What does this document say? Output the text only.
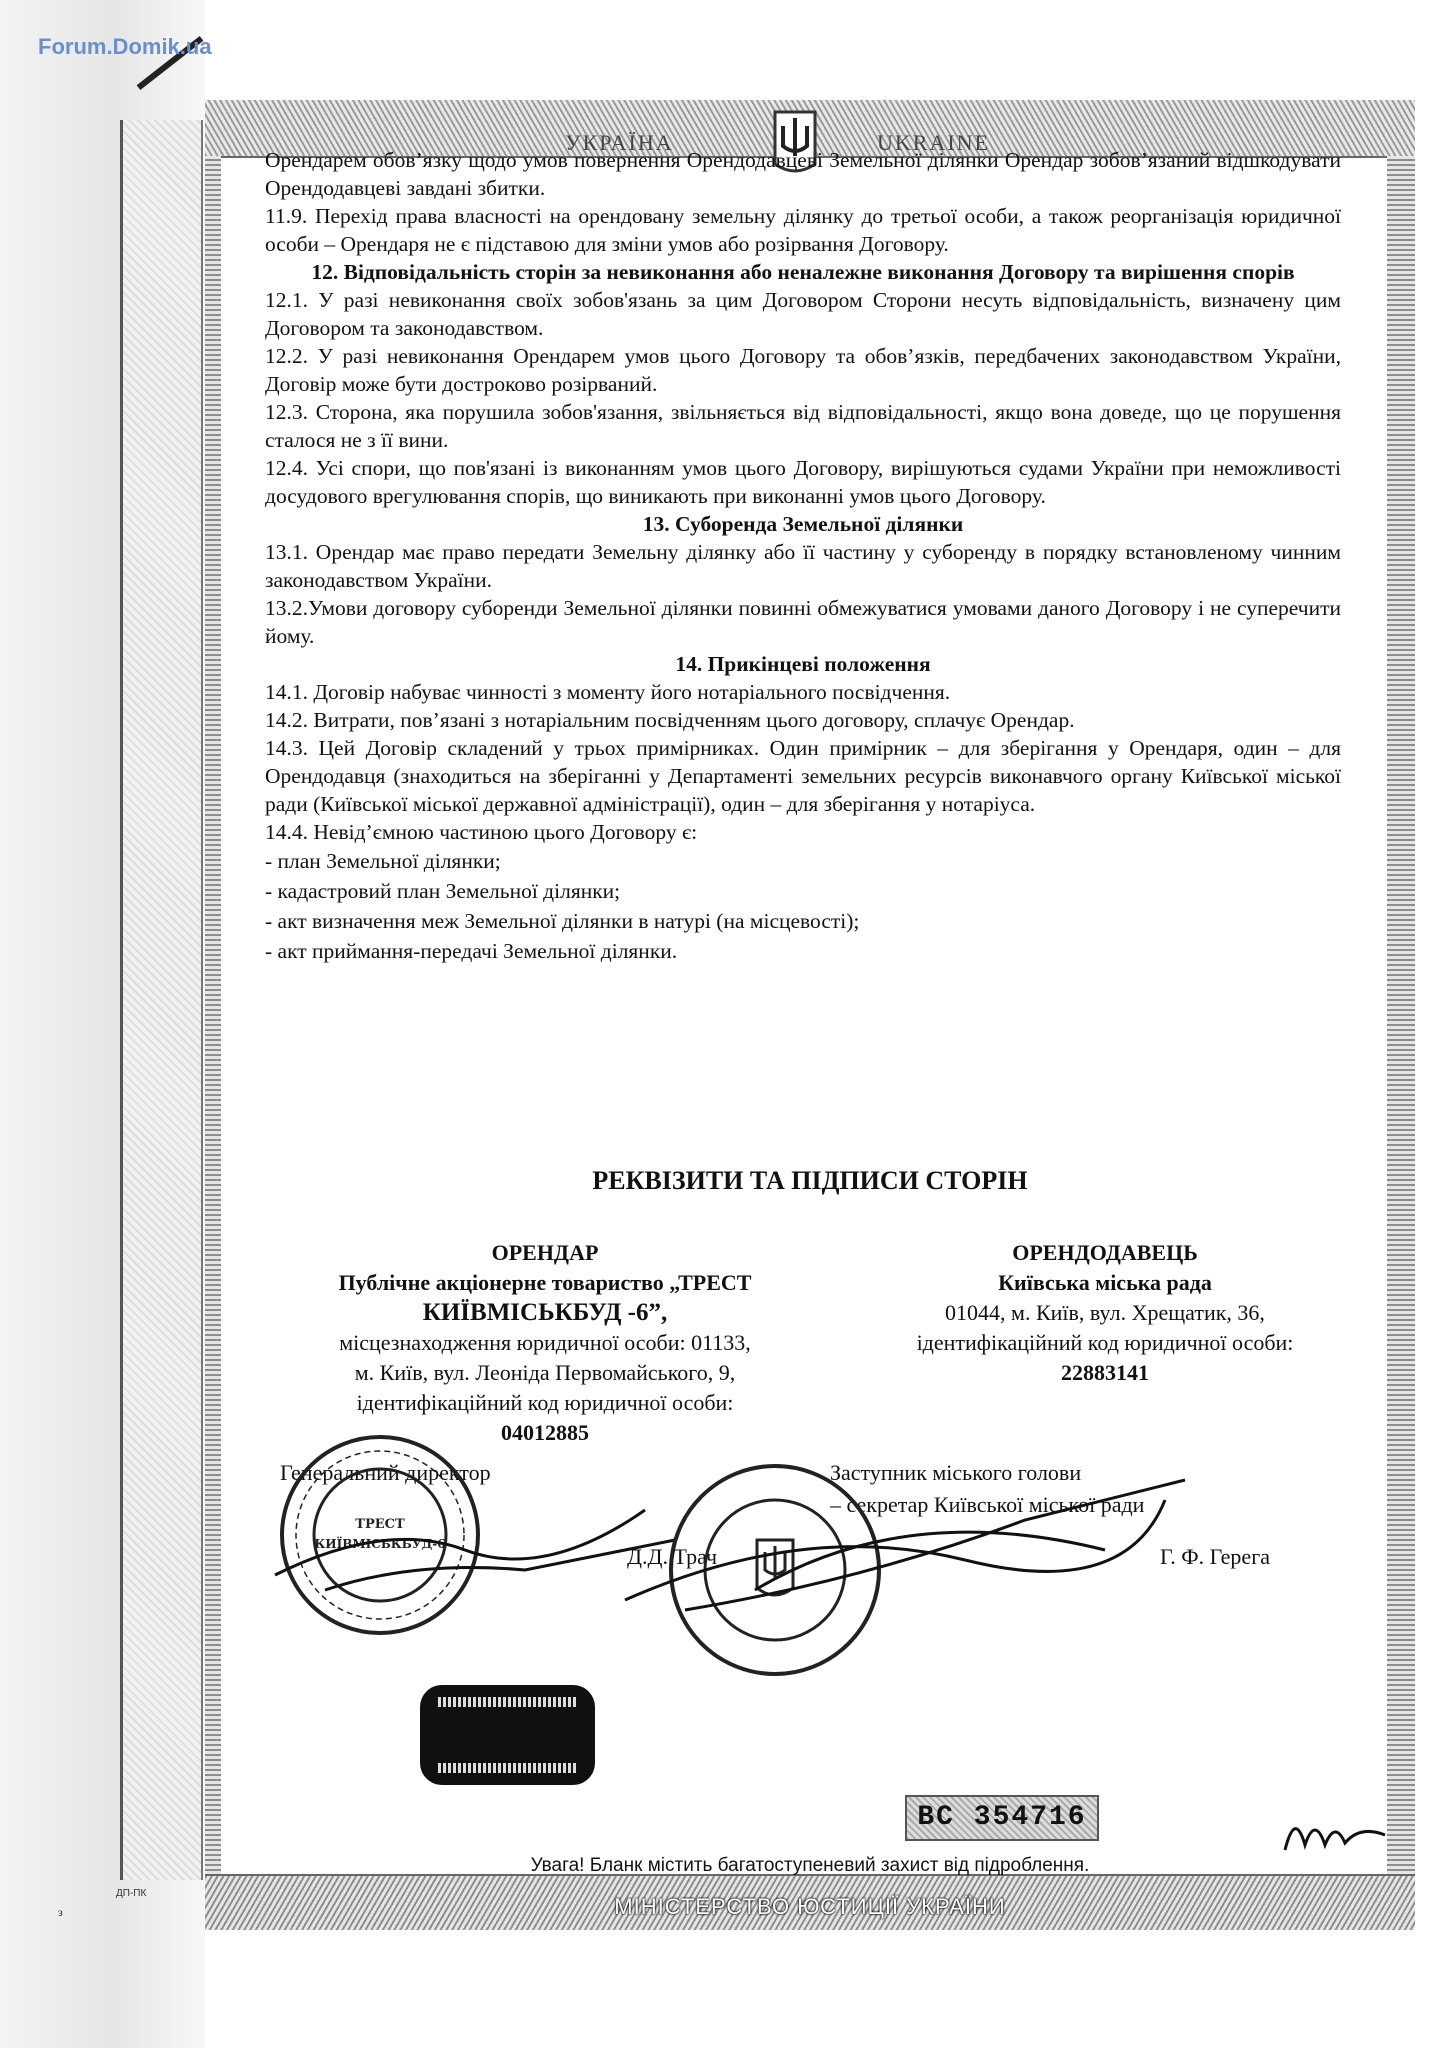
Forum.Domik.ua
ДП-ПК
з	МІНІСТЕРСТВО ЮСТИЦІЇ УКРАЇНИ
УКРАЇНА	UKRAINE

Орендарем обов’язку щодо умов повернення Орендодавцеві Земельної ділянки Орендар зобов’язаний відшкодувати Орендодавцеві завдані збитки.

11.9. Перехід права власності на орендовану земельну ділянку до третьої особи, а також реорганізація юридичної особи – Орендаря не є підставою для зміни умов або розірвання Договору.

12. Відповідальність сторін за невиконання або неналежне виконання Договору та вирішення спорів

12.1. У разі невиконання своїх зобов'язань за цим Договором Сторони несуть відповідальність, визначену цим Договором та законодавством.

12.2. У разі невиконання Орендарем умов цього Договору та обов’язків, передбачених законодавством України, Договір може бути достроково розірваний.

12.3. Сторона, яка порушила зобов'язання, звільняється від відповідальності, якщо вона доведе, що це порушення сталося не з її вини.

12.4. Усі спори, що пов'язані із виконанням умов цього Договору, вирішуються судами України при неможливості досудового врегулювання спорів, що виникають при виконанні умов цього Договору.

13. Суборенда Земельної ділянки

13.1. Орендар має право передати Земельну ділянку або її частину у суборенду в порядку встановленому чинним законодавством України.

13.2.Умови договору суборенди Земельної ділянки повинні обмежуватися умовами даного Договору і не суперечити йому.

14. Прикінцеві положення

14.1. Договір набуває чинності з моменту його нотаріального посвідчення.

14.2. Витрати, пов’язані з нотаріальним посвідченням цього договору, сплачує Орендар.

14.3. Цей Договір складений у трьох примірниках. Один примірник – для зберігання у Орендаря, один – для Орендодавця (знаходиться на зберіганні у Департаменті земельних ресурсів виконавчого органу Київської міської ради (Київської міської державної адміністрації), один – для зберігання у нотаріуса.

14.4. Невід’ємною частиною цього Договору є:

- план Земельної ділянки;

- кадастровий план Земельної ділянки;

- акт визначення меж Земельної ділянки в натурі (на місцевості);

- акт приймання-передачі Земельної ділянки.

РЕКВІЗИТИ ТА ПІДПИСИ СТОРІН
ОРЕНДАР
Публічне акціонерне товариство „ТРЕСТ
КИЇВМІСЬКБУД -6”,
місцезнаходження юридичної особи: 01133,
м. Київ, вул. Леоніда Первомайського, 9,
ідентифікаційний код юридичної особи:
04012885
ОРЕНДОДАВЕЦЬ
Київська міська рада
01044, м. Київ, вул. Хрещатик, 36,
ідентифікаційний код юридичної особи:
22883141
Генеральний директор
Д.Д. Трач
Заступник міського голови
– секретар Київської міської ради
Г. Ф. Герега
ТРЕСТ
КИЇВМІСЬКБУД-6
ВС 354716
Увага! Бланк містить багатоступеневий захист від підроблення.
